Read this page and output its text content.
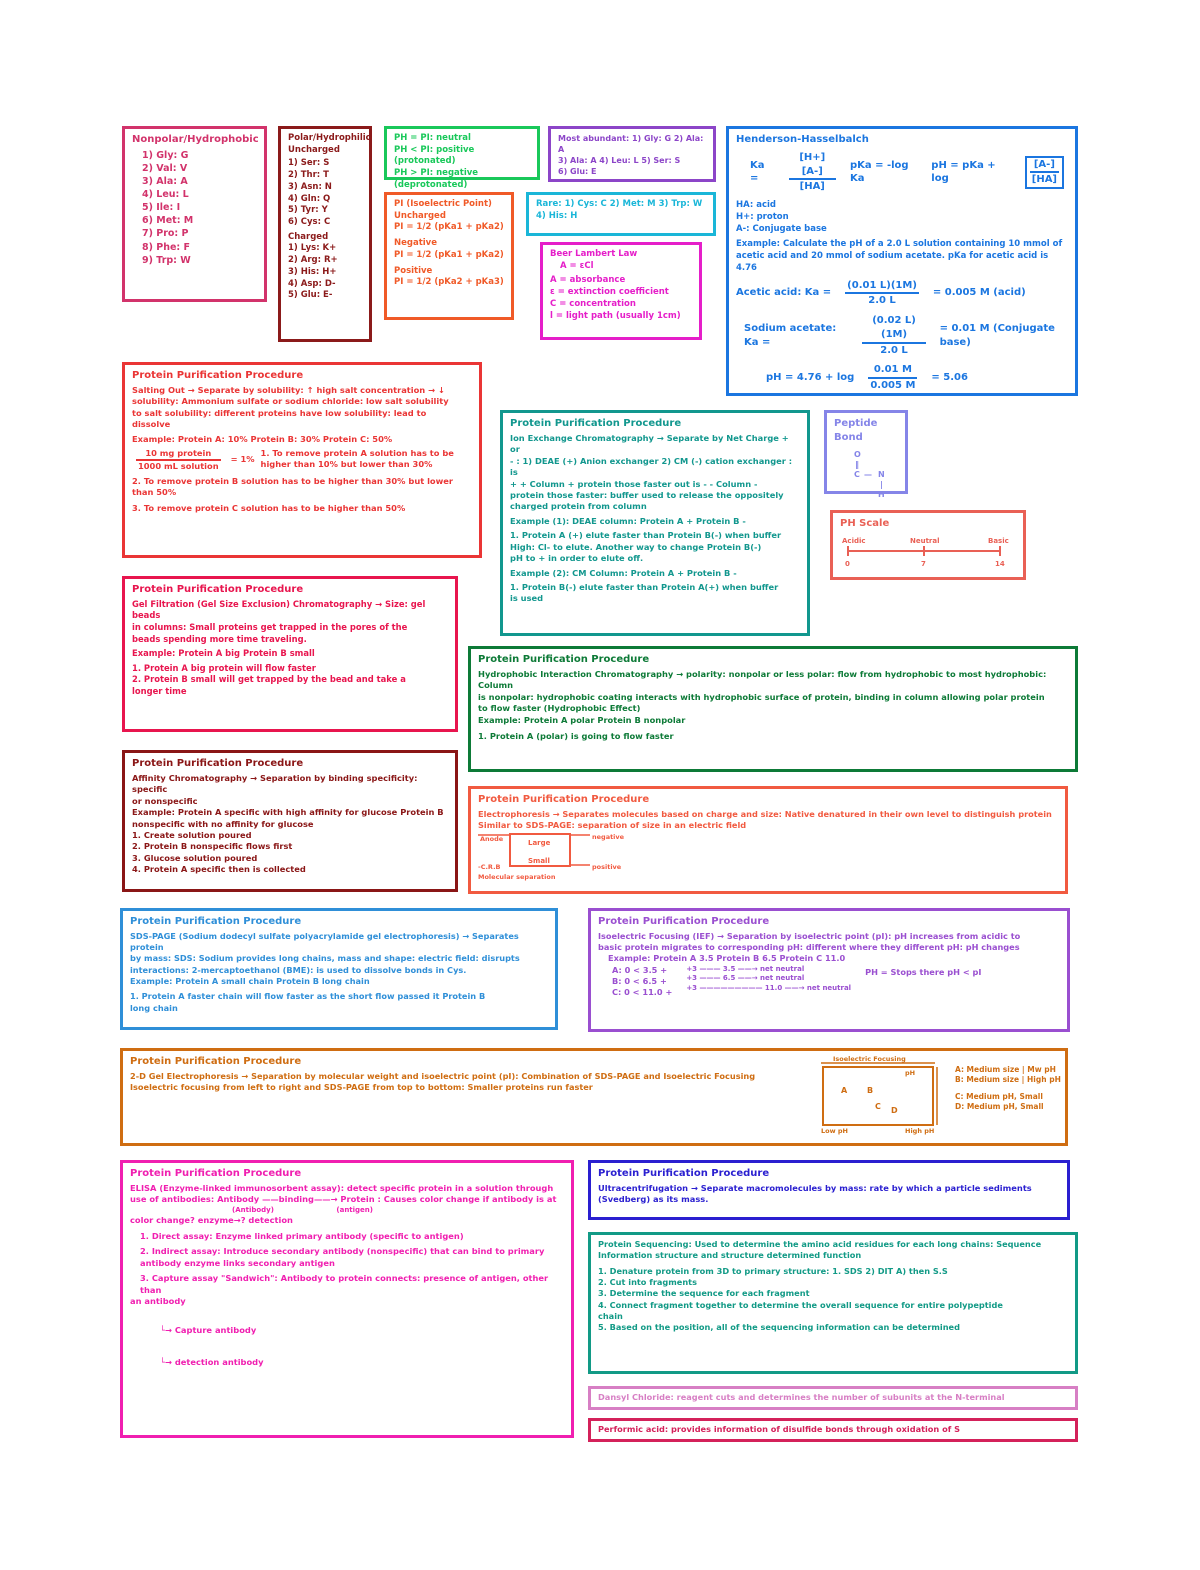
Nonpolar/Hydrophobic
1) Gly: G
2) Val: V
3) Ala: A
4) Leu: L
5) Ile: I
6) Met: M
7) Pro: P
8) Phe: F
9) Trp: W
Polar/Hydrophilic Uncharged
1) Ser: S
2) Thr: T
3) Asn: N
4) Gln: Q
5) Tyr: Y
6) Cys: C
Charged
1) Lys: K+
2) Arg: R+
3) His: H+
4) Asp: D-
5) Glu: E-
PH = PI: neutral
PH < PI: positive (protonated)
PH > PI: negative (deprotonated)
PI (Isoelectric Point)
Uncharged
PI = 1/2 (pKa1 + pKa2)
Negative
PI = 1/2 (pKa1 + pKa2)
Positive
PI = 1/2 (pKa2 + pKa3)
Most abundant: 1) Gly: G 2) Ala: A
3) Ala: A 4) Leu: L 5) Ser: S
6) Glu: E
Rare: 1) Cys: C 2) Met: M 3) Trp: W
4) His: H
Beer Lambert Law
A = εCl
A = absorbance
ε = extinction coefficient
C = concentration
l = light path (usually 1cm)
Henderson-Hasselbalch
Ka =	$\frac{[H+][A-]}{[HA]}$ pKa = -log Ka
pH = pKa + log	$\frac{[A-]}{[HA]}$
HA: acid
H+: proton
A-: Conjugate base
Example: Calculate the pH of a 2.0 L solution containing 10 mmol of acetic acid and 20 mmol of sodium acetate. pKa for acetic acid is 4.76
Acetic acid: $Ka = \frac{(0.01 L)(1M)}{2.0 L} = 0.005$ M (acid)
Sodium acetate: Ka =	$\frac{(0.02 L)(1M)}{2.0 L} = 0.01$ M (Conjugate base)
pH = $4.76 + \log \frac{0.01 M}{0.005 M} = 5.06$
Protein Purification Procedure
Salting Out → Separate by solubility: ↑ high salt concentration → ↓
solubility: Ammonium sulfate or sodium chloride: low salt solubility
to salt solubility: different proteins have low solubility: lead to
dissolve
Example: Protein A: 10% Protein B: 30% Protein C: 50%
$\frac{\text{10 mg protein}}{\text{1000 mL solution}} = 1\%$
1. To remove protein A solution has to be higher than 10% but lower than 30%
2. To remove protein B solution has to be higher than 30% but lower than 50%
3. To remove protein C solution has to be higher than 50%
Protein Purification Procedure
Ion Exchange Chromatography → Separate by Net Charge + or
- : 1) DEAE (+) Anion exchanger 2) CM (-) cation exchanger : is
+ + Column + protein those faster out is - - Column -
protein those faster: buffer used to release the oppositely
charged protein from column
Example (1): DEAE column: Protein A + Protein B -
1. Protein A (+) elute faster than Protein B(-) when buffer
High: Cl- to elute. Another way to change Protein B(-)
pH to + in order to elute off.
Example (2): CM Column: Protein A + Protein B -
1. Protein B(-) elute faster than Protein A(+) when buffer
is used
Peptide Bond
O
‖
C — N
|
H
PH Scale
Acidic	Neutral	Basic
0	7	14
Protein Purification Procedure
Gel Filtration (Gel Size Exclusion) Chromatography → Size: gel beads
in columns: Small proteins get trapped in the pores of the
beads spending more time traveling.
Example: Protein A big Protein B small
1. Protein A big protein will flow faster
2. Protein B small will get trapped by the bead and take a
longer time
Protein Purification Procedure
Hydrophobic Interaction Chromatography → polarity: nonpolar or less polar: flow from hydrophobic to most hydrophobic: Column
is nonpolar: hydrophobic coating interacts with hydrophobic surface of protein, binding in column allowing polar protein
to flow faster (Hydrophobic Effect)
Example: Protein A polar Protein B nonpolar
1. Protein A (polar) is going to flow faster
Protein Purification Procedure
Affinity Chromatography → Separation by binding specificity: specific
or nonspecific
Example: Protein A specific with high affinity for glucose Protein B
nonspecific with no affinity for glucose
1. Create solution poured
2. Protein B nonspecific flows first
3. Glucose solution poured
4. Protein A specific then is collected
Protein Purification Procedure
Electrophoresis → Separates molecules based on charge and size: Native denatured in their own level to distinguish protein
Similar to SDS-PAGE: separation of size in an electric field
Anode
-C.R.B
Large
Small
negative
positive
Molecular separation
Protein Purification Procedure
SDS-PAGE (Sodium dodecyl sulfate polyacrylamide gel electrophoresis) → Separates protein
by mass: SDS: Sodium provides long chains, mass and shape: electric field: disrupts
interactions: 2-mercaptoethanol (BME): is used to dissolve bonds in Cys.
Example: Protein A small chain Protein B long chain
1. Protein A faster chain will flow faster as the short flow passed it Protein B
long chain
Protein Purification Procedure
Isoelectric Focusing (IEF) → Separation by isoelectric point (pI): pH increases from acidic to
basic protein migrates to corresponding pH: different where they different pH: pH changes
Example: Protein A 3.5 Protein B 6.5 Protein C 11.0
A: 0 < 3.5 +
B: 0 < 6.5 +
C: 0 < 11.0 +
+3 ——— 3.5 ——→ net neutral
+3 ——— 6.5 ——→ net neutral
+3 ————————— 11.0 ——→ net neutral
PH = Stops there pH < pI
Protein Purification Procedure
2-D Gel Electrophoresis → Separation by molecular weight and isoelectric point (pI): Combination of SDS-PAGE and Isoelectric Focusing
Isoelectric focusing from left to right and SDS-PAGE from top to bottom: Smaller proteins run faster
Isoelectric Focusing
pH
A B
C D
Low pH	High pH
A: Medium size | Mw pH
B: Medium size | High pH
C: Medium pH, Small
D: Medium pH, Small
Protein Purification Procedure
ELISA (Enzyme-linked immunosorbent assay): detect specific protein in a solution through
use of antibodies: Antibody ——binding——→ Protein : Causes color change if antibody is at
(Antibody)	(antigen)
color change? enzyme→? detection
1. Direct assay: Enzyme linked primary antibody (specific to antigen)
2. Indirect assay: Introduce secondary antibody (nonspecific) that can bind to primary
antibody enzyme links secondary antigen
3. Capture assay "Sandwich": Antibody to protein connects: presence of antigen, other than
an antibody
└→ Capture antibody
└→ detection antibody
Protein Purification Procedure
Ultracentrifugation → Separate macromolecules by mass: rate by which a particle sediments
(Svedberg) as its mass.
Protein Sequencing: Used to determine the amino acid residues for each long chains: Sequence
Information structure and structure determined function
1. Denature protein from 3D to primary structure: 1. SDS 2) DIT A) then S.S
2. Cut into fragments
3. Determine the sequence for each fragment
4. Connect fragment together to determine the overall sequence for entire polypeptide
chain
5. Based on the position, all of the sequencing information can be determined
Dansyl Chloride: reagent cuts and determines the number of subunits at the N-terminal
Performic acid: provides information of disulfide bonds through oxidation of S
